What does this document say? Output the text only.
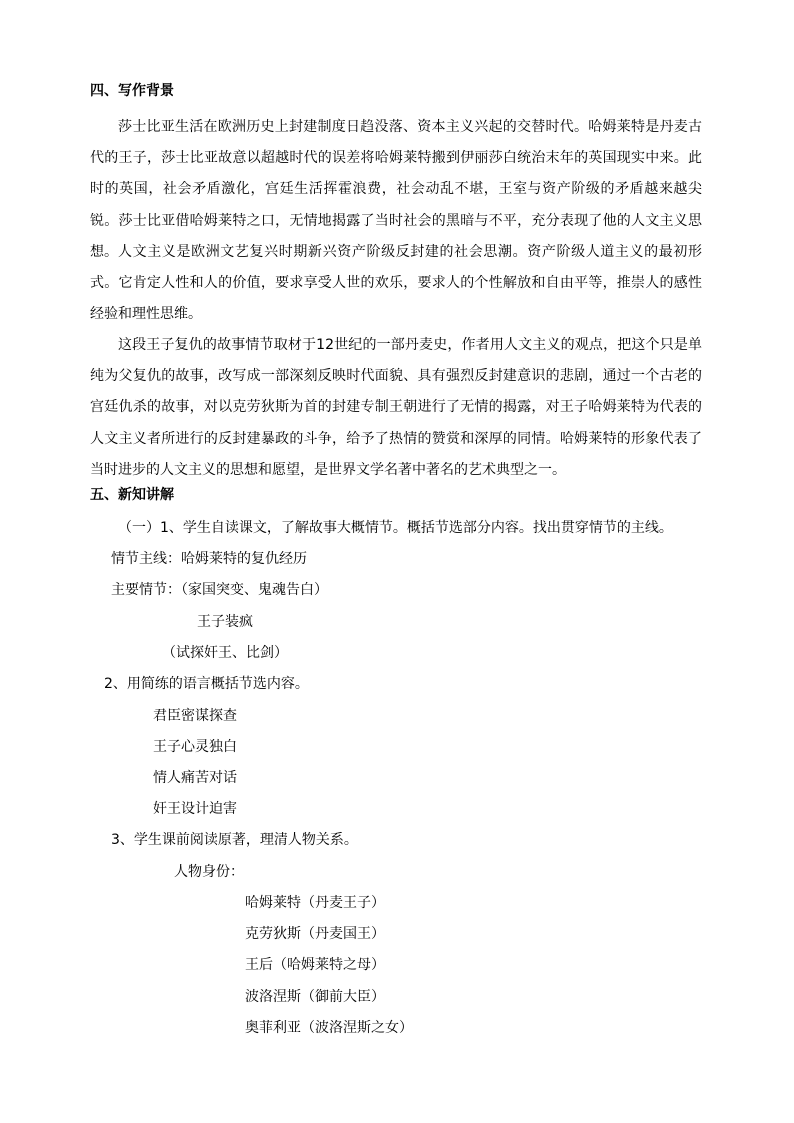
四、写作背景
莎士比亚生活在欧洲历史上封建制度日趋没落、资本主义兴起的交替时代。哈姆莱特是丹麦古代的王子，莎士比亚故意以超越时代的误差将哈姆莱特搬到伊丽莎白统治末年的英国现实中来。此时的英国，社会矛盾激化，宫廷生活挥霍浪费，社会动乱不堪，王室与资产阶级的矛盾越来越尖锐。莎士比亚借哈姆莱特之口，无情地揭露了当时社会的黑暗与不平，充分表现了他的人文主义思想。 人文主义是欧洲文艺复兴时期新兴资产阶级反封建的社会思潮。资产阶级人道主义的最初形式。它肯定人性和人的价值，要求享受人世的欢乐，要求人的个性解放和自由平等，推崇人的感性经验和理性思维。
这段王子复仇的故事情节取材于12世纪的一部丹麦史，作者用人文主义的观点，把这个只是单纯为父复仇的故事，改写成一部深刻反映时代面貌、具有强烈反封建意识的悲剧，通过一个古老的宫廷仇杀的故事，对以克劳狄斯为首的封建专制王朝进行了无情的揭露，对王子哈姆莱特为代表的人文主义者所进行的反封建暴政的斗争，给予了热情的赞赏和深厚的同情。哈姆莱特的形象代表了当时进步的人文主义的思想和愿望，是世界文学名著中著名的艺术典型之一。
五、新知讲解
（一）1、学生自读课文，了解故事大概情节。概括节选部分内容。找出贯穿情节的主线。
情节主线：哈姆莱特的复仇经历
主要情节：（家国突变、鬼魂告白）
王子装疯
（试探奸王、比剑）
2、用简练的语言概括节选内容。
君臣密谋探查
王子心灵独白
情人痛苦对话
奸王设计迫害
3、学生课前阅读原著，理清人物关系。
人物身份：
哈姆莱特（丹麦王子）
克劳狄斯（丹麦国王）
王后（哈姆莱特之母）
波洛涅斯（御前大臣）
奥菲利亚（波洛涅斯之女）
